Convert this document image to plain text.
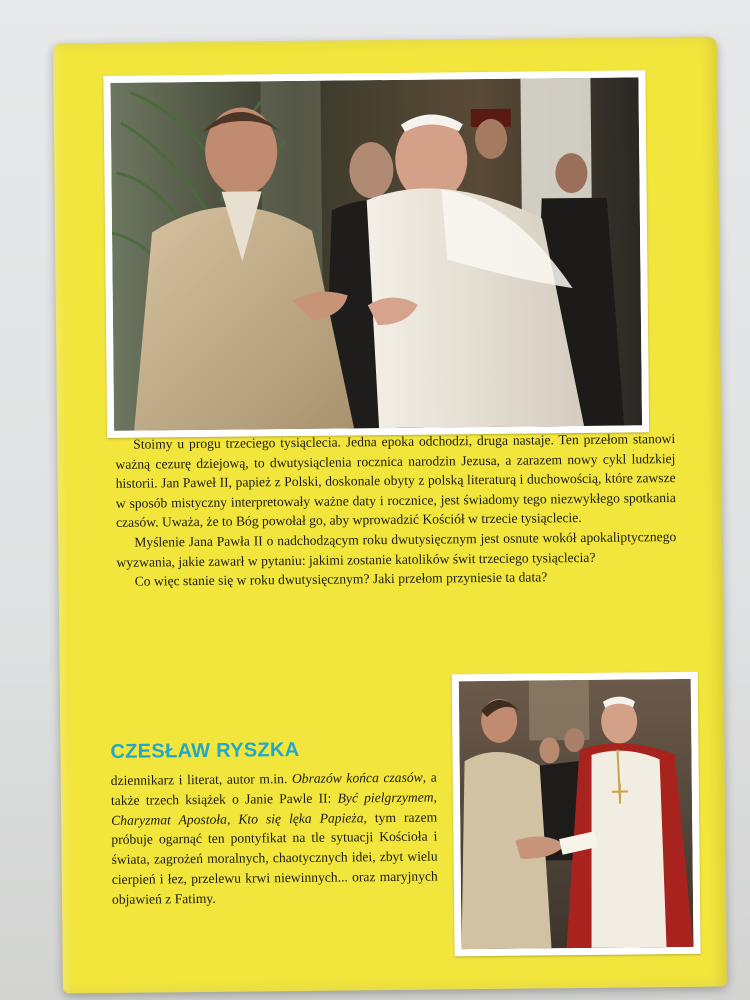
Stoimy u progu trzeciego tysiąclecia. Jedna epoka odchodzi, druga nastaje. Ten przełom stanowi ważną cezurę dziejową, to dwutysiąclenia rocznica narodzin Jezusa, a zarazem nowy cykl ludzkiej historii. Jan Paweł II, papież z Polski, doskonale obyty z polską literaturą i duchowością, które zawsze w sposób mistyczny interpretowały ważne daty i rocznice, jest świadomy tego niezwykłego spotkania czasów. Uważa, że to Bóg powołał go, aby wprowadzić Kościół w trzecie tysiąclecie.

Myślenie Jana Pawła II o nadchodzącym roku dwutysięcznym jest osnute wokół apokaliptycznego wyzwania, jakie zawarł w pytaniu: jakimi zostanie katolików świt trzeciego tysiąclecia?

Co więc stanie się w roku dwutysięcznym? Jaki przełom przyniesie ta data?

CZESŁAW RYSZKA
dziennikarz i literat, autor m.in. Obrazów końca czasów, a także trzech książek o Janie Pawle II: Być pielgrzymem, Charyzmat Apostoła, Kto się lęka Papieża, tym razem próbuje ogarnąć ten pontyfikat na tle sytuacji Kościoła i świata, zagrożeń moralnych, chaotycznych idei, zbyt wielu cierpień i łez, przelewu krwi niewinnych... oraz maryjnych objawień z Fatimy.
